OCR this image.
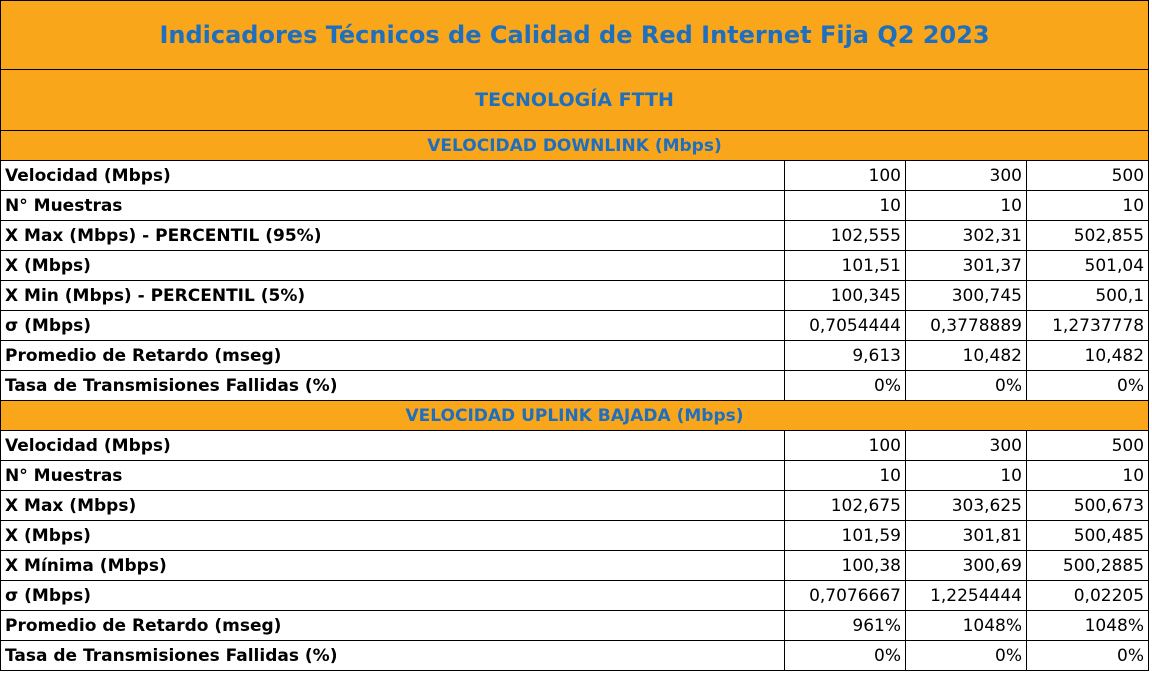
Indicadores Técnicos de Calidad de Red Internet Fija Q2 2023			
TECNOLOGÍA FTTH			
VELOCIDAD DOWNLINK (Mbps)			
Velocidad (Mbps)	100	300	500
N° Muestras	10	10	10
X Max (Mbps) - PERCENTIL (95%)	102,555	302,31	502,855
X (Mbps)	101,51	301,37	501,04
X Min (Mbps) - PERCENTIL (5%)	100,345	300,745	500,1
σ (Mbps)	0,7054444	0,3778889	1,2737778
Promedio de Retardo (mseg)	9,613	10,482	10,482
Tasa de Transmisiones Fallidas (%)	0%	0%	0%
VELOCIDAD UPLINK BAJADA (Mbps)			
Velocidad (Mbps)	100	300	500
N° Muestras	10	10	10
X Max (Mbps)	102,675	303,625	500,673
X (Mbps)	101,59	301,81	500,485
X Mínima (Mbps)	100,38	300,69	500,2885
σ (Mbps)	0,7076667	1,2254444	0,02205
Promedio de Retardo (mseg)	961%	1048%	1048%
Tasa de Transmisiones Fallidas (%)	0%	0%	0%
